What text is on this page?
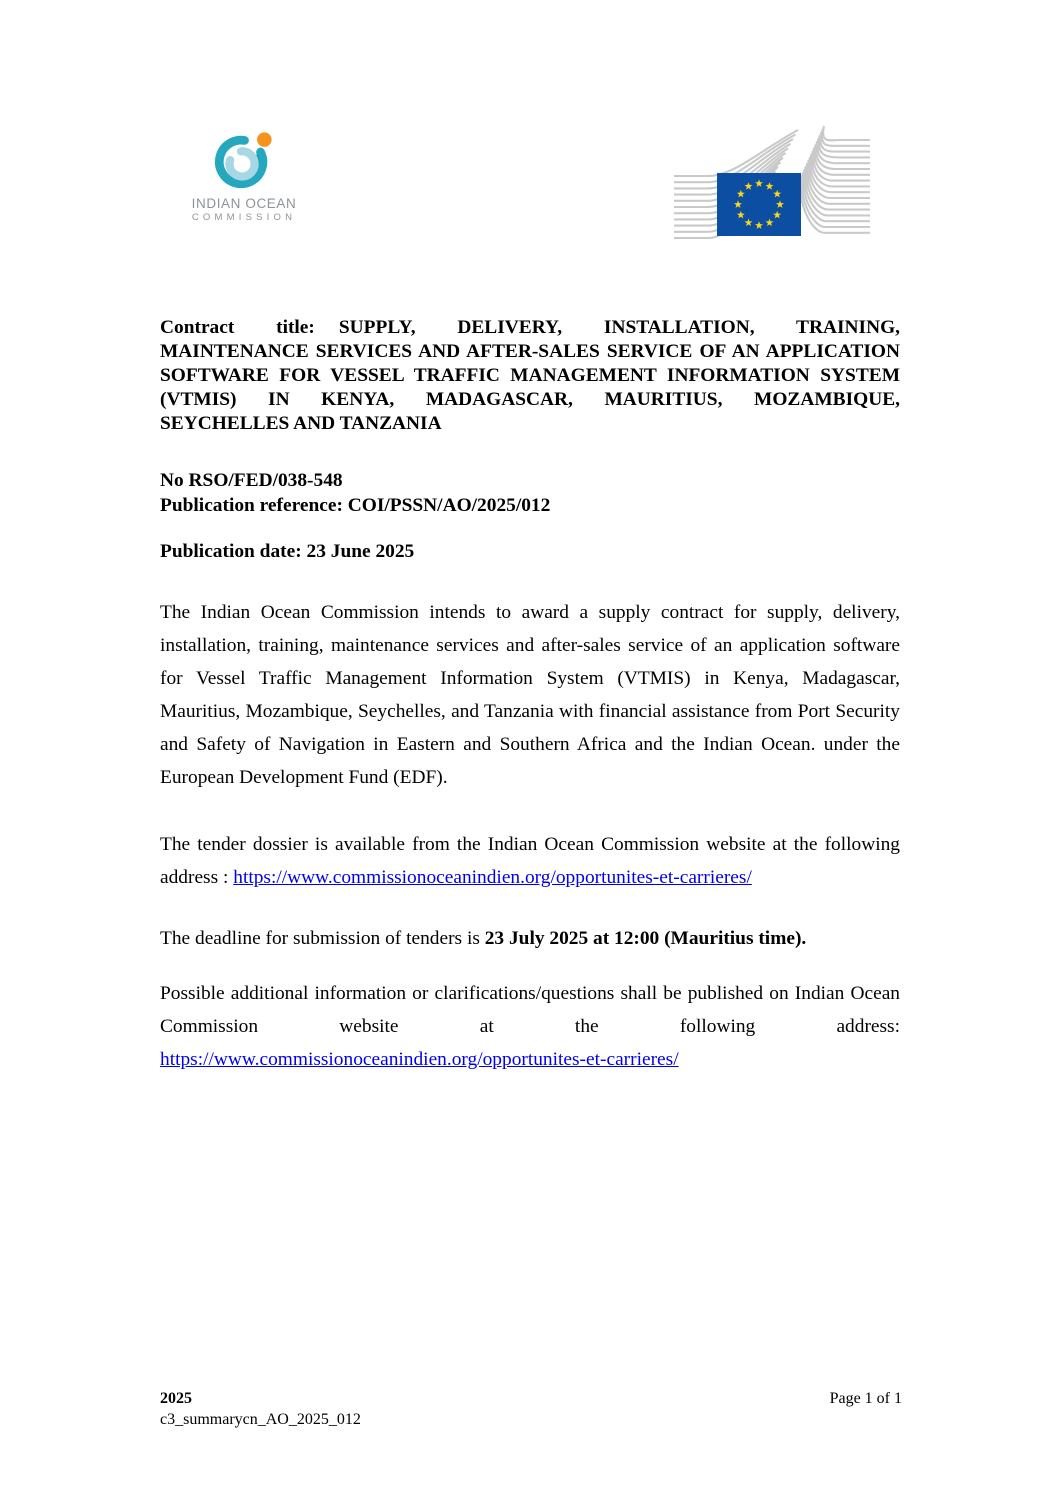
INDIAN OCEAN
COMMISSION

Contract title: SUPPLY, DELIVERY, INSTALLATION, TRAINING, MAINTENANCE SERVICES AND AFTER-SALES SERVICE OF AN APPLICATION SOFTWARE FOR VESSEL TRAFFIC MANAGEMENT INFORMATION SYSTEM (VTMIS) IN KENYA, MADAGASCAR, MAURITIUS, MOZAMBIQUE, SEYCHELLES AND TANZANIA

No RSO/FED/038-548

Publication reference: COI/PSSN/AO/2025/012

Publication date: 23 June 2025

The Indian Ocean Commission intends to award a supply contract for supply, delivery, installation, training, maintenance services and after-sales service of an application software for Vessel Traffic Management Information System (VTMIS) in Kenya, Madagascar, Mauritius, Mozambique, Seychelles, and Tanzania with financial assistance from Port Security and Safety of Navigation in Eastern and Southern Africa and the Indian Ocean. under the European Development Fund (EDF).

The tender dossier is available from the Indian Ocean Commission website at the following address : https://www.commissionoceanindien.org/opportunites-et-carrieres/

The deadline for submission of tenders is 23 July 2025 at 12:00 (Mauritius time).

Possible additional information or clarifications/questions shall be published on Indian Ocean Commission website at the following address: https://www.commissionoceanindien.org/opportunites-et-carrieres/

2025
c3_summarycn_AO_2025_012
Page 1 of 1
